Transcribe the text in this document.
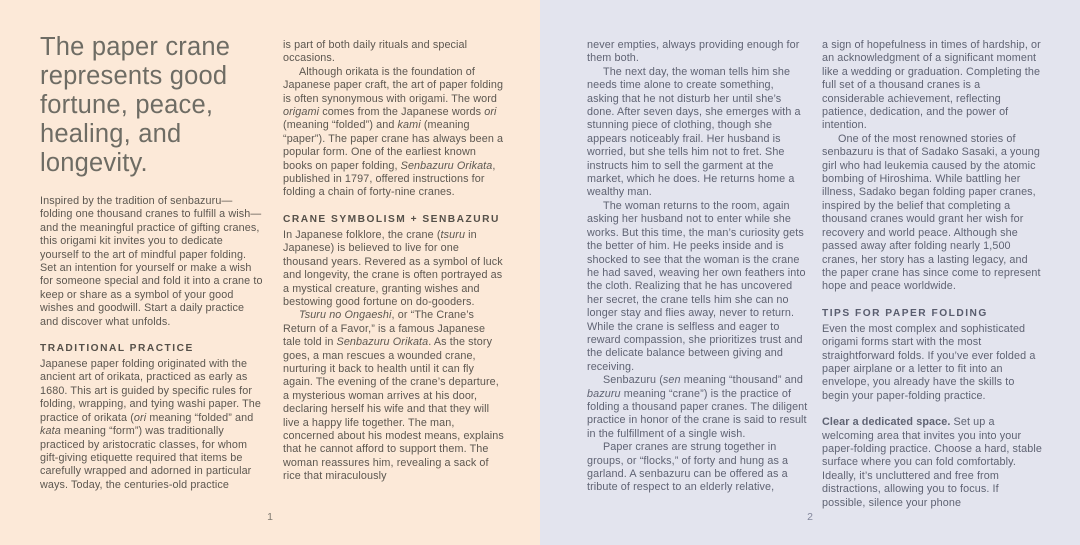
The paper crane represents good fortune, peace, healing, and longevity.

Inspired by the tradition of senbazuru—folding one thousand cranes to fulfill a wish—and the meaningful practice of gifting cranes, this origami kit invites you to dedicate yourself to the art of mindful paper folding. Set an intention for yourself or make a wish for someone special and fold it into a crane to keep or share as a symbol of your good wishes and goodwill. Start a daily practice and discover what unfolds.

TRADITIONAL PRACTICE

Japanese paper folding originated with the ancient art of orikata, practiced as early as 1680. This art is guided by specific rules for folding, wrapping, and tying washi paper. The practice of orikata (ori meaning “folded” and kata meaning “form”) was traditionally practiced by aristocratic classes, for whom gift-giving etiquette required that items be carefully wrapped and adorned in particular ways. Today, the centuries-old practice

is part of both daily rituals and special occasions.

Although orikata is the foundation of Japanese paper craft, the art of paper folding is often synonymous with origami. The word origami comes from the Japanese words ori (meaning “folded”) and kami (meaning “paper”). The paper crane has always been a popular form. One of the earliest known books on paper folding, Senbazuru Orikata, published in 1797, offered instructions for folding a chain of forty-nine cranes.

CRANE SYMBOLISM + SENBAZURU

In Japanese folklore, the crane (tsuru in Japanese) is believed to live for one thousand years. Revered as a symbol of luck and longevity, the crane is often portrayed as a mystical creature, granting wishes and bestowing good fortune on do-gooders.

Tsuru no Ongaeshi, or “The Crane’s Return of a Favor,” is a famous Japanese tale told in Senbazuru Orikata. As the story goes, a man rescues a wounded crane, nurturing it back to health until it can fly again. The evening of the crane’s departure, a mysterious woman arrives at his door, declaring herself his wife and that they will live a happy life together. The man, concerned about his modest means, explains that he cannot afford to support them. The woman reassures him, revealing a sack of rice that miraculously

1

never empties, always providing enough for them both.

The next day, the woman tells him she needs time alone to create something, asking that he not disturb her until she’s done. After seven days, she emerges with a stunning piece of clothing, though she appears noticeably frail. Her husband is worried, but she tells him not to fret. She instructs him to sell the garment at the market, which he does. He returns home a wealthy man.

The woman returns to the room, again asking her husband not to enter while she works. But this time, the man’s curiosity gets the better of him. He peeks inside and is shocked to see that the woman is the crane he had saved, weaving her own feathers into the cloth. Realizing that he has uncovered her secret, the crane tells him she can no longer stay and flies away, never to return. While the crane is selfless and eager to reward compassion, she prioritizes trust and the delicate balance between giving and receiving.

Senbazuru (sen meaning “thousand” and bazuru meaning “crane”) is the practice of folding a thousand paper cranes. The diligent practice in honor of the crane is said to result in the fulfillment of a single wish.

Paper cranes are strung together in groups, or “flocks,” of forty and hung as a garland. A senbazuru can be offered as a tribute of respect to an elderly relative,

a sign of hopefulness in times of hardship, or an acknowledgment of a significant moment like a wedding or graduation. Completing the full set of a thousand cranes is a considerable achievement, reflecting patience, dedication, and the power of intention.

One of the most renowned stories of senbazuru is that of Sadako Sasaki, a young girl who had leukemia caused by the atomic bombing of Hiroshima. While battling her illness, Sadako began folding paper cranes, inspired by the belief that completing a thousand cranes would grant her wish for recovery and world peace. Although she passed away after folding nearly 1,500 cranes, her story has a lasting legacy, and the paper crane has since come to represent hope and peace worldwide.

TIPS FOR PAPER FOLDING

Even the most complex and sophisticated origami forms start with the most straightforward folds. If you’ve ever folded a paper airplane or a letter to fit into an envelope, you already have the skills to begin your paper-folding practice.

Clear a dedicated space. Set up a welcoming area that invites you into your paper-folding practice. Choose a hard, stable surface where you can fold comfortably. Ideally, it’s uncluttered and free from distractions, allowing you to focus. If possible, silence your phone

2
